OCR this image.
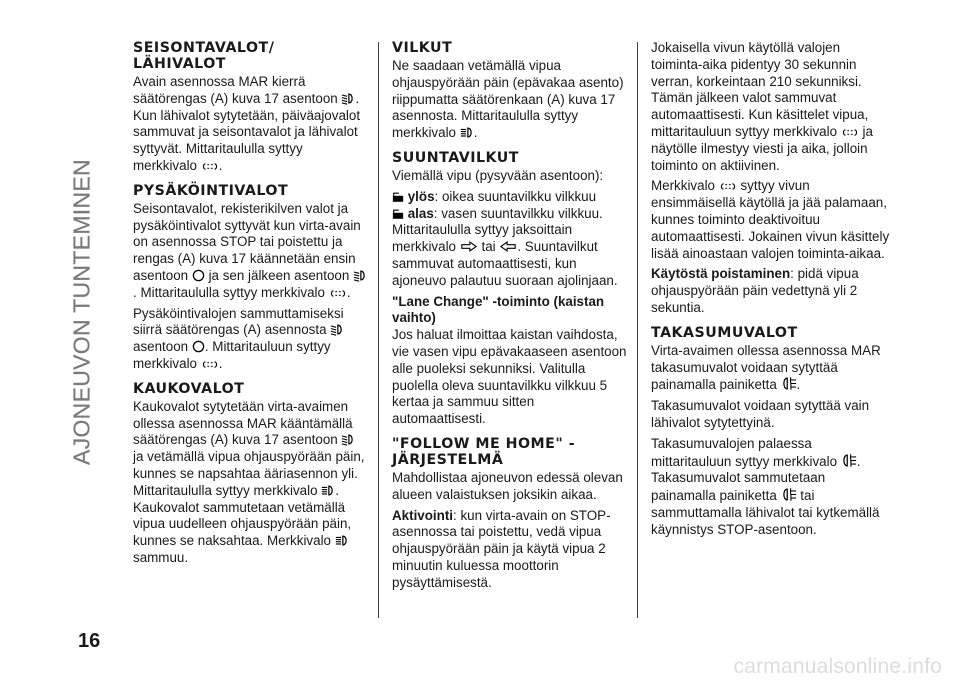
AJONEUVON TUNTEMINEN
16
SEISONTAVALOT/ LÄHIVALOT

Avain asennossa MAR kierrä säätörengas (A) kuva 17 asentoon . Kun lähivalot sytytetään, päiväajovalot sammuvat ja seisontavalot ja lähivalot syttyvät. Mittaritaululla syttyy merkkivalo .

PYSÄKÖINTIVALOT

Seisontavalot, rekisterikilven valot ja pysäköintivalot syttyvät kun virta-avain on asennossa STOP tai poistettu ja rengas (A) kuva 17 käännetään ensin asentoon ja sen jälkeen asentoon . Mittaritaululla syttyy merkkivalo .

Pysäköintivalojen sammuttamiseksi siirrä säätörengas (A) asennosta  asentoon . Mittaritauluun syttyy merkkivalo .

KAUKOVALOT

Kaukovalot sytytetään virta-avaimen ollessa asennossa MAR kääntämällä säätörengas (A) kuva 17 asentoon  ja vetämällä vipua ohjauspyörään päin, kunnes se napsahtaa ääriasennon yli. Mittaritaululla syttyy merkkivalo . Kaukovalot sammutetaan vetämällä vipua uudelleen ohjauspyörään päin, kunnes se naksahtaa. Merkkivalo  sammuu.

VILKUT

Ne saadaan vetämällä vipua ohjauspyörään päin (epävakaa asento) riippumatta säätörenkaan (A) kuva 17 asennosta. Mittaritaululla syttyy merkkivalo .

SUUNTAVILKUT

Viemällä vipu (pysyvään asentoon):

ylös: oikea suuntavilkku vilkkuu
alas: vasen suuntavilkku vilkkuu.

Mittaritaululla syttyy jaksoittain merkkivalo tai . Suuntavilkut sammuvat automaattisesti, kun ajoneuvo palautuu suoraan ajolinjaan.

"Lane Change" -toiminto (kaistan vaihto)

Jos haluat ilmoittaa kaistan vaihdosta, vie vasen vipu epävakaaseen asentoon alle puoleksi sekunniksi. Valitulla puolella oleva suuntavilkku vilkkuu 5 kertaa ja sammuu sitten automaattisesti.

"FOLLOW ME HOME" - JÄRJESTELMÄ

Mahdollistaa ajoneuvon edessä olevan alueen valaistuksen joksikin aikaa.

Aktivointi: kun virta-avain on STOP-asennossa tai poistettu, vedä vipua ohjauspyörään päin ja käytä vipua 2 minuutin kuluessa moottorin pysäyttämisestä.

Jokaisella vivun käytöllä valojen toiminta-aika pidentyy 30 sekunnin verran, korkeintaan 210 sekunniksi. Tämän jälkeen valot sammuvat automaattisesti. Kun käsittelet vipua, mittaritauluun syttyy merkkivalo ja näytölle ilmestyy viesti ja aika, jolloin toiminto on aktiivinen.

Merkkivalo syttyy vivun ensimmäisellä käytöllä ja jää palamaan, kunnes toiminto deaktivoituu automaattisesti. Jokainen vivun käsittely lisää ainoastaan valojen toiminta-aikaa.

Käytöstä poistaminen: pidä vipua ohjauspyörään päin vedettynä yli 2 sekuntia.

TAKASUMUVALOT

Virta-avaimen ollessa asennossa MAR takasumuvalot voidaan sytyttää painamalla painiketta .

Takasumuvalot voidaan sytyttää vain lähivalot sytytettyinä.

Takasumuvalojen palaessa mittaritauluun syttyy merkkivalo . Takasumuvalot sammutetaan painamalla painiketta tai sammuttamalla lähivalot tai kytkemällä käynnistys STOP-asentoon.

carmanualsonline.info
